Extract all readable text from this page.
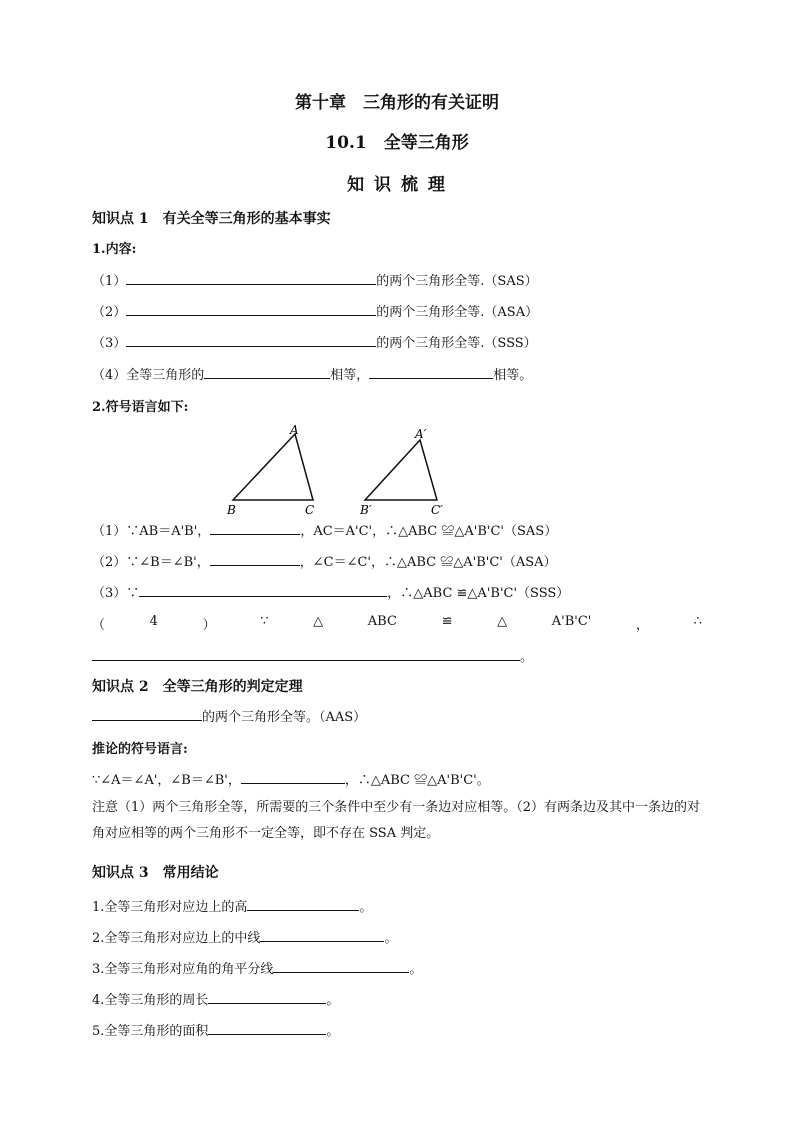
第十章　三角形的有关证明
10.1　全等三角形
知 识 梳 理
知识点 1　有关全等三角形的基本事实
1.内容:
（1）	的两个三角形全等.（SAS）
（2）	的两个三角形全等.（ASA）
（3）	的两个三角形全等.（SSS）
（4）全等三角形的	相等，	相等。
2.符号语言如下:
A
B	C
A′
B′	C′
（1）∵AB＝A'B'，	，AC＝A'C'，∴△ABC ≌△A'B'C'（SAS）
（2）∵∠B＝∠B'，	，∠C＝∠C'，∴△ABC ≌△A'B'C'（ASA）
（3）∵	，∴△ABC ≌△A'B'C'（SSS）
（	4	）	∵	△	ABC	≌	△	A'B'C'	，	∴
。
知识点 2　全等三角形的判定定理
的两个三角形全等。（AAS）
推论的符号语言:
∵∠A＝∠A'，∠B＝∠B'，	，∴△ABC ≌△A'B'C'。
注意（1）两个三角形全等，所需要的三个条件中至少有一条边对应相等。（2）有两条边及其中一条边的对角对应相等的两个三角形不一定全等，即不存在 SSA 判定。
知识点 3　常用结论
1.全等三角形对应边上的高	。
2.全等三角形对应边上的中线	。
3.全等三角形对应角的角平分线	。
4.全等三角形的周长	。
5.全等三角形的面积	。
